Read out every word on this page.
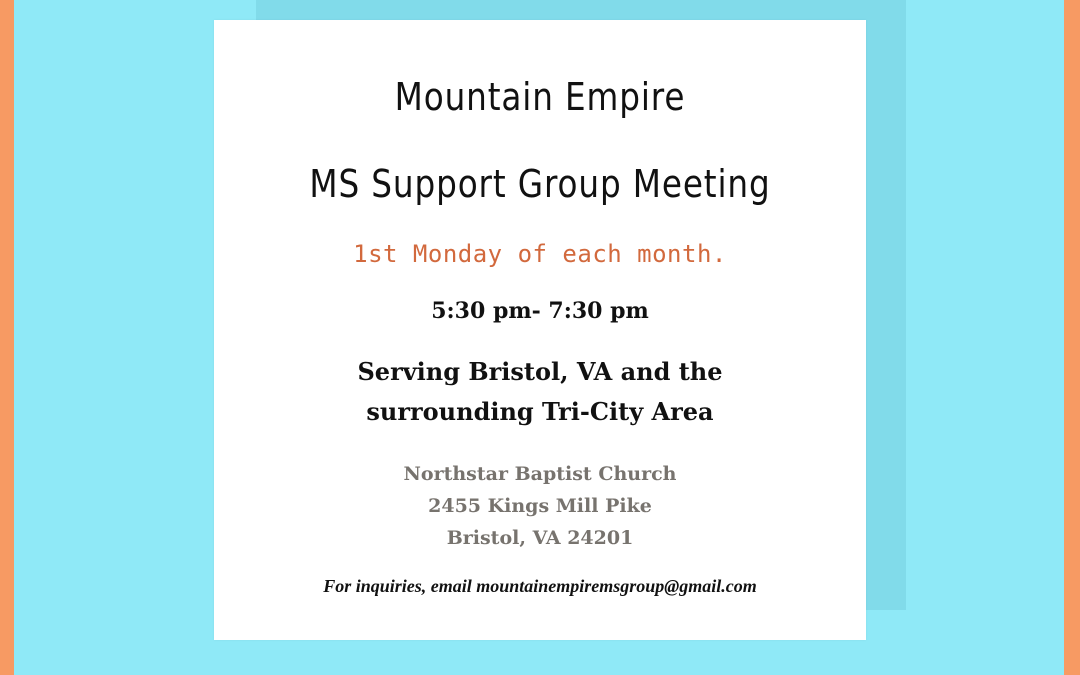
Mountain Empire
MS Support Group Meeting
1st Monday of each month.
5:30 pm- 7:30 pm
Serving Bristol, VA and the
surrounding Tri-City Area
Northstar Baptist Church
2455 Kings Mill Pike
Bristol, VA 24201
For inquiries, email mountainempiremsgroup@gmail.com
